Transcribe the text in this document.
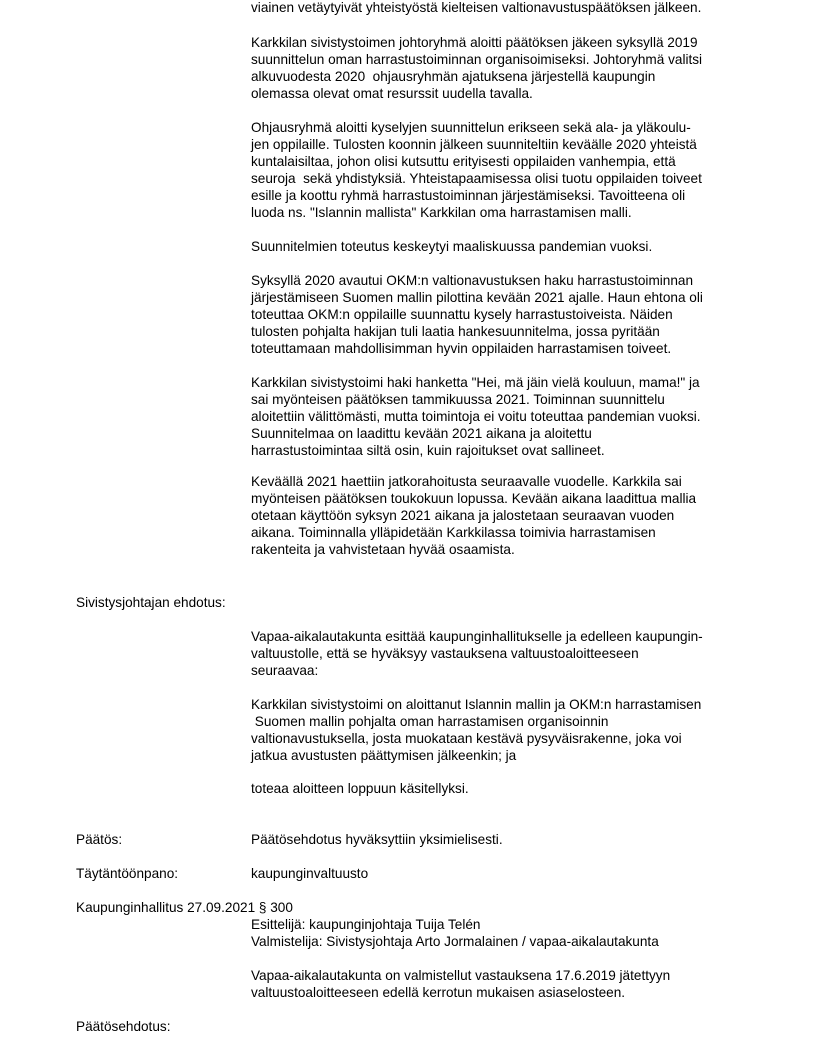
viainen vetäytyivät yhteistyöstä kielteisen valtionavustuspäätöksen jälkeen.
Karkkilan sivistystoimen johtoryhmä aloitti päätöksen jäkeen syksyllä 2019
suunnittelun oman harrastustoiminnan organisoimiseksi. Johtoryhmä valitsi
alkuvuodesta 2020  ohjausryhmän ajatuksena järjestellä kaupungin
olemassa olevat omat resurssit uudella tavalla.
Ohjausryhmä aloitti kyselyjen suunnittelun erikseen sekä ala- ja yläkoulu-
jen oppilaille. Tulosten koonnin jälkeen suunniteltiin keväälle 2020 yhteistä
kuntalaisiltaa, johon olisi kutsuttu erityisesti oppilaiden vanhempia, että
seuroja  sekä yhdistyksiä. Yhteistapaamisessa olisi tuotu oppilaiden toiveet
esille ja koottu ryhmä harrastustoiminnan järjestämiseksi. Tavoitteena oli
luoda ns. "Islannin mallista" Karkkilan oma harrastamisen malli.
Suunnitelmien toteutus keskeytyi maaliskuussa pandemian vuoksi.
Syksyllä 2020 avautui OKM:n valtionavustuksen haku harrastustoiminnan
järjestämiseen Suomen mallin pilottina kevään 2021 ajalle. Haun ehtona oli
toteuttaa OKM:n oppilaille suunnattu kysely harrastustoiveista. Näiden
tulosten pohjalta hakijan tuli laatia hankesuunnitelma, jossa pyritään
toteuttamaan mahdollisimman hyvin oppilaiden harrastamisen toiveet.
Karkkilan sivistystoimi haki hanketta "Hei, mä jäin vielä kouluun, mama!" ja
sai myönteisen päätöksen tammikuussa 2021. Toiminnan suunnittelu
aloitettiin välittömästi, mutta toimintoja ei voitu toteuttaa pandemian vuoksi.
Suunnitelmaa on laadittu kevään 2021 aikana ja aloitettu
harrastustoimintaa siltä osin, kuin rajoitukset ovat sallineet.
Keväällä 2021 haettiin jatkorahoitusta seuraavalle vuodelle. Karkkila sai
myönteisen päätöksen toukokuun lopussa. Kevään aikana laadittua mallia
otetaan käyttöön syksyn 2021 aikana ja jalostetaan seuraavan vuoden
aikana. Toiminnalla ylläpidetään Karkkilassa toimivia harrastamisen
rakenteita ja vahvistetaan hyvää osaamista.
Sivistysjohtajan ehdotus:
Vapaa-aikalautakunta esittää kaupunginhallitukselle ja edelleen kaupungin-
valtuustolle, että se hyväksyy vastauksena valtuustoaloitteeseen
seuraavaa:
Karkkilan sivistystoimi on aloittanut Islannin mallin ja OKM:n harrastamisen
Suomen mallin pohjalta oman harrastamisen organisoinnin
valtionavustuksella, josta muokataan kestävä pysyväisrakenne, joka voi
jatkua avustusten päättymisen jälkeenkin; ja
toteaa aloitteen loppuun käsitellyksi.
Päätös:	Päätösehdotus hyväksyttiin yksimielisesti.
Täytäntöönpano:	kaupunginvaltuusto
Kaupunginhallitus 27.09.2021 § 300
Esittelijä: kaupunginjohtaja Tuija Telén
Valmistelija: Sivistysjohtaja Arto Jormalainen / vapaa-aikalautakunta
Vapaa-aikalautakunta on valmistellut vastauksena 17.6.2019 jätettyyn
valtuustoaloitteeseen edellä kerrotun mukaisen asiaselosteen.
Päätösehdotus:
